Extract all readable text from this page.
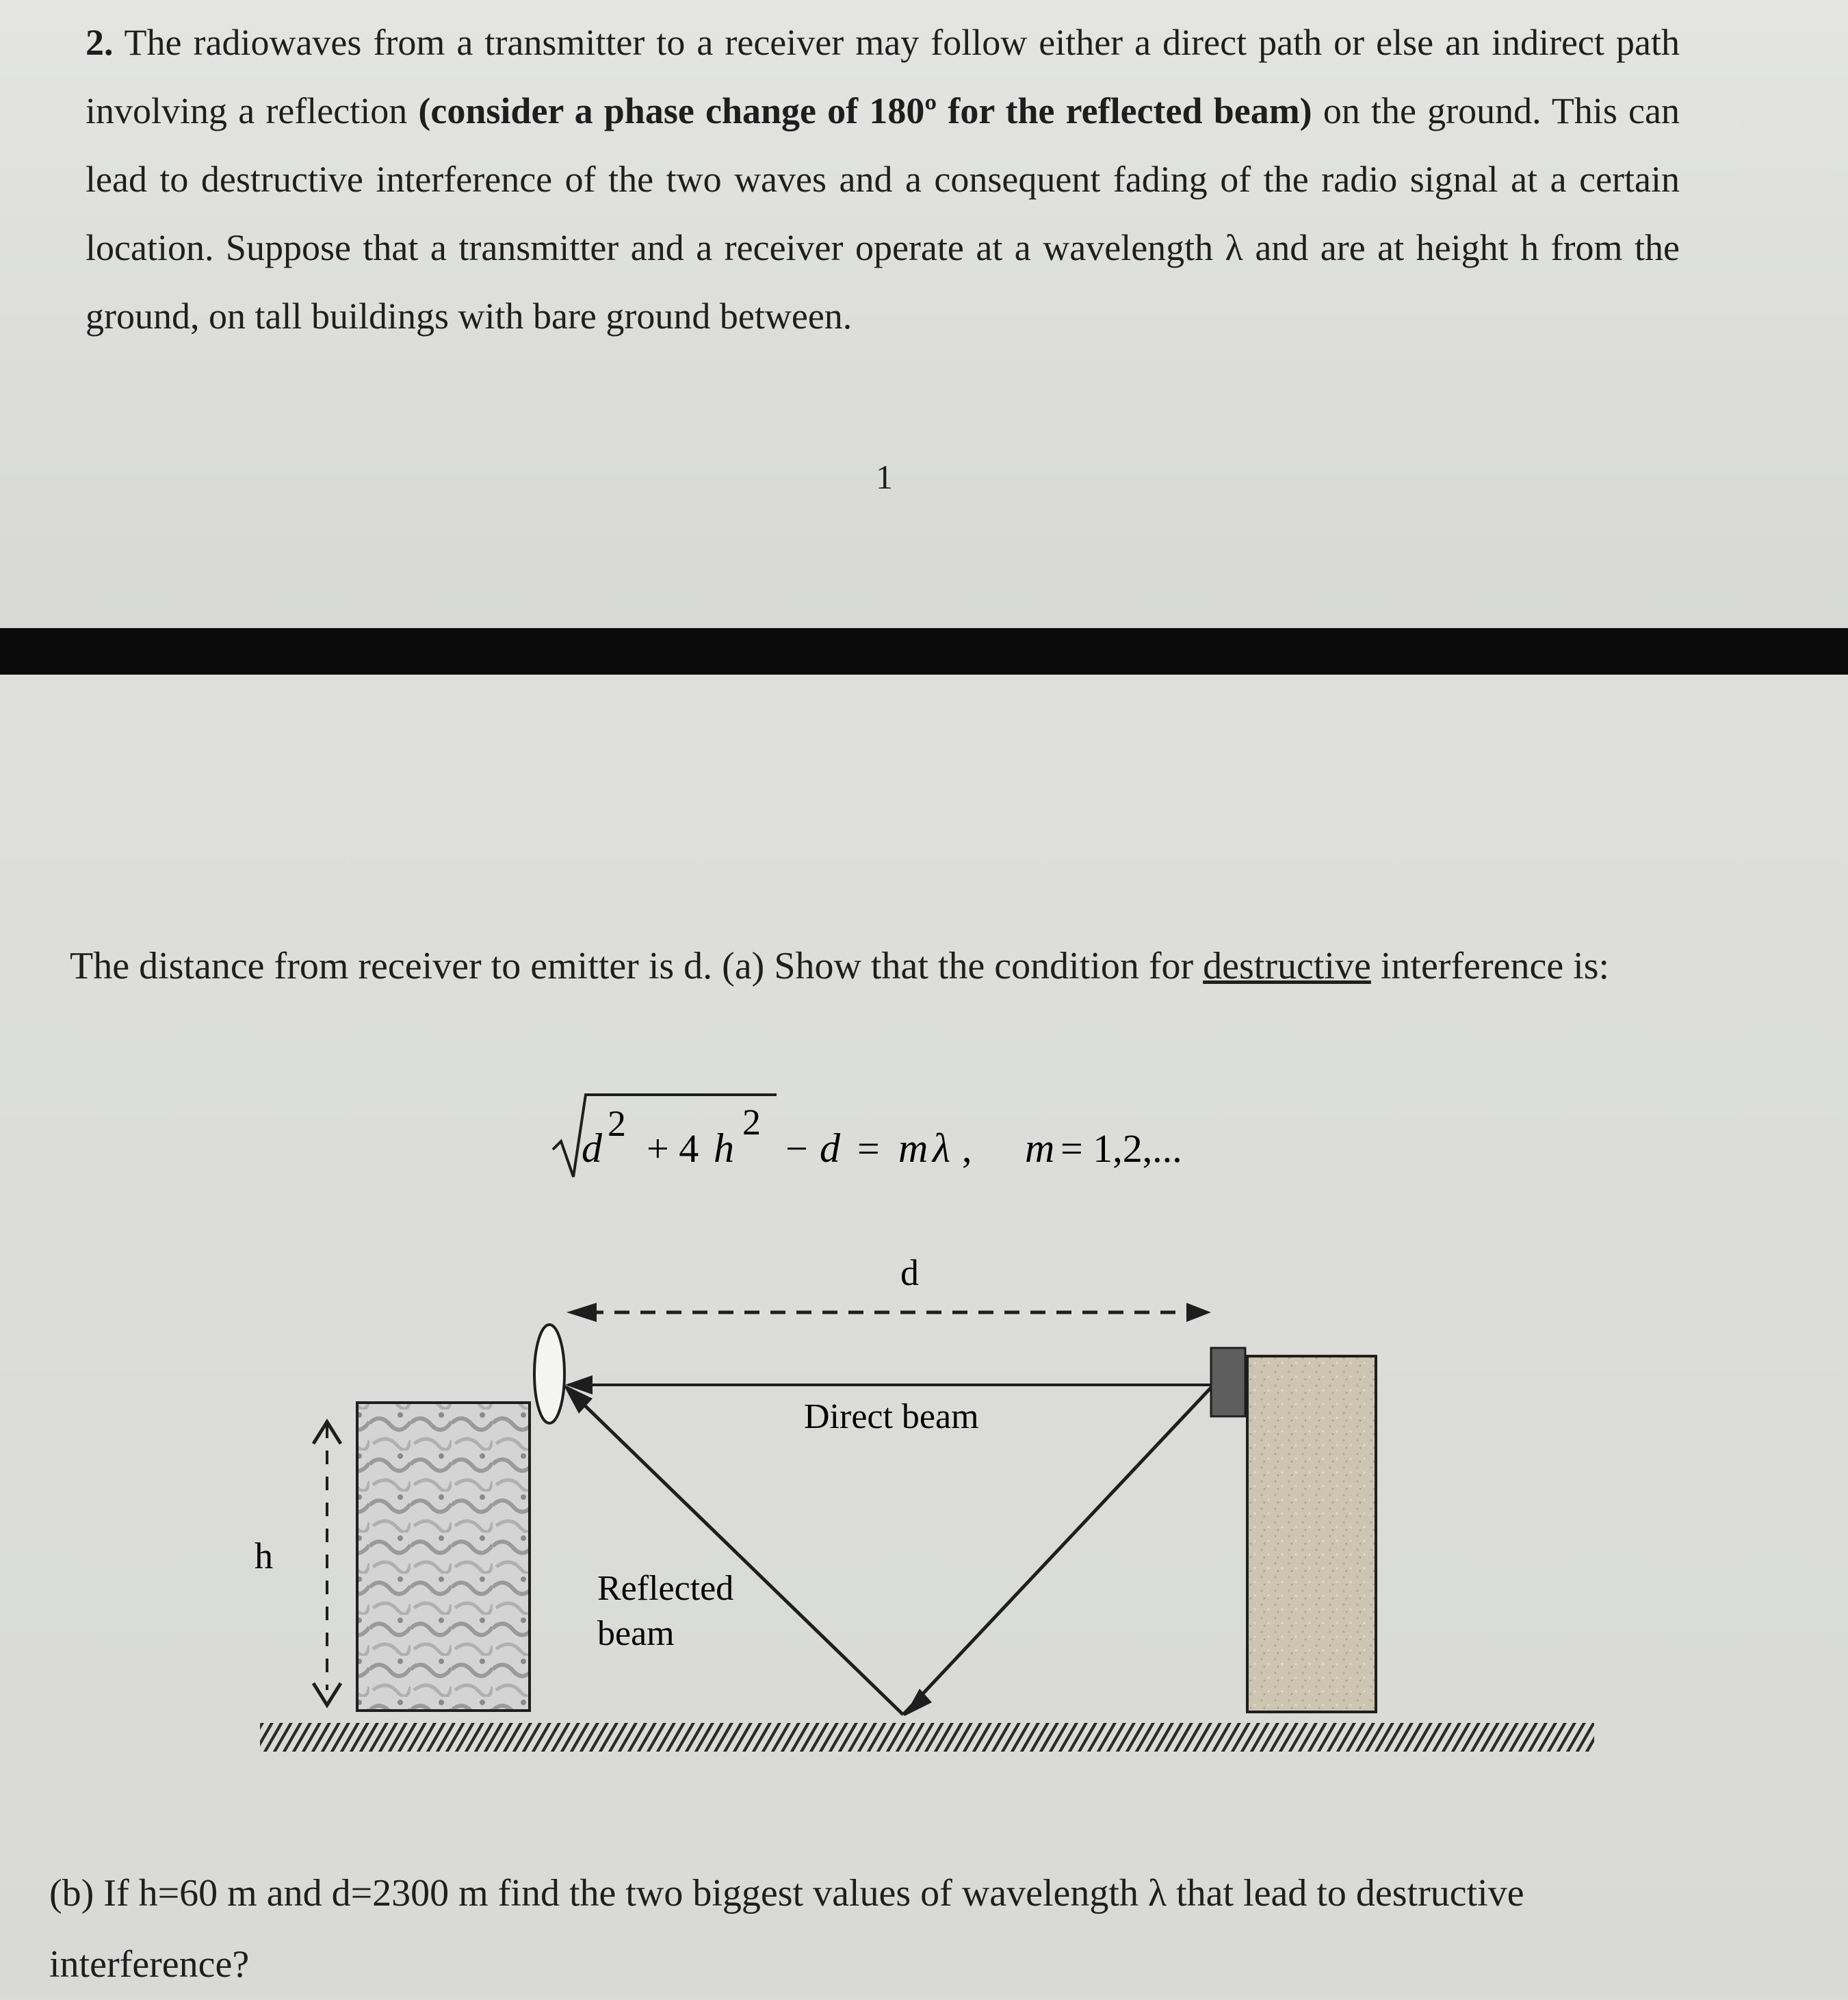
2. The radiowaves from a transmitter to a receiver may follow either a direct path or else an indirect path involving a reflection (consider a phase change of 180º for the reflected beam) on the ground. This can lead to destructive interference of the two waves and a consequent fading of the radio signal at a certain location. Suppose that a transmitter and a receiver operate at a wavelength λ and are at height h from the ground, on tall buildings with bare ground between.

1

The distance from receiver to emitter is d. (a) Show that the condition for destructive interference is:

d
2
+ 4 h
2
− d = m λ , m = 1,2,...
d
Direct beam
Reflected
beam
h

(b) If h=60 m and d=2300 m find the two biggest values of wavelength λ that lead to destructive interference?
